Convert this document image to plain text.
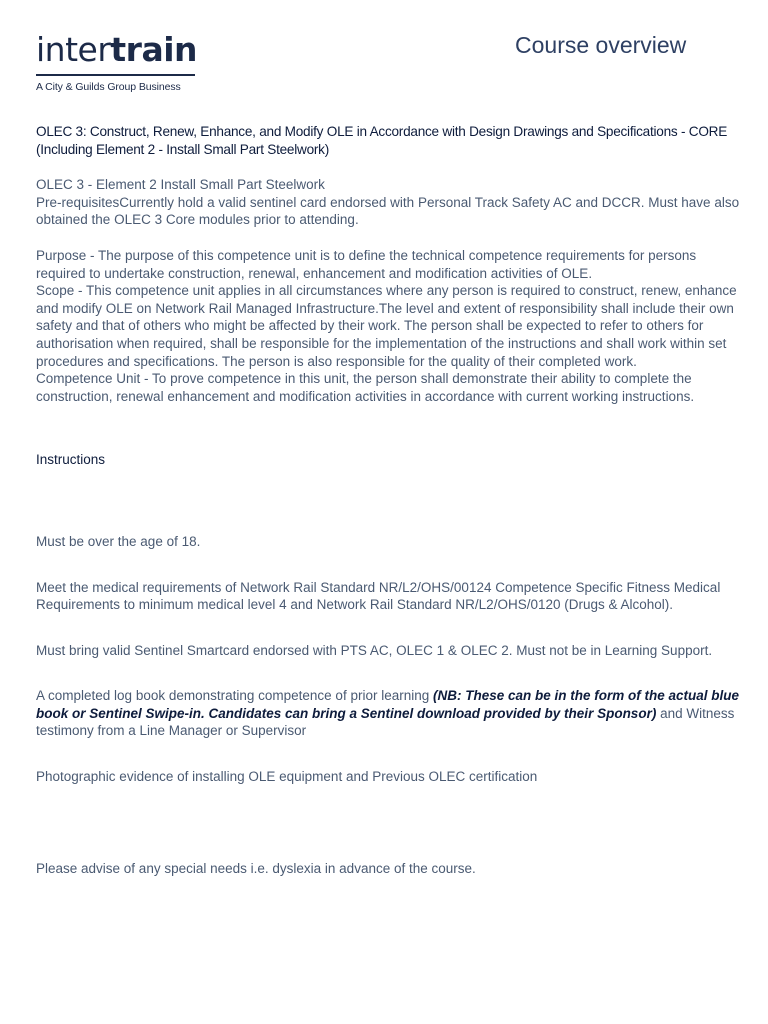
intertrain
A City & Guilds Group Business
Course overview

OLEC 3: Construct, Renew, Enhance, and Modify OLE in Accordance with Design Drawings and Specifications - CORE (Including Element 2 - Install Small Part Steelwork)

OLEC 3 - Element 2 Install Small Part Steelwork

Pre-requisitesCurrently hold a valid sentinel card endorsed with Personal Track Safety AC and DCCR. Must have also obtained the OLEC 3 Core modules prior to attending.

Purpose - The purpose of this competence unit is to define the technical competence requirements for persons required to undertake construction, renewal, enhancement and modification activities of OLE.

Scope - This competence unit applies in all circumstances where any person is required to construct, renew, enhance and modify OLE on Network Rail Managed Infrastructure.The level and extent of responsibility shall include their own safety and that of others who might be affected by their work. The person shall be expected to refer to others for authorisation when required, shall be responsible for the implementation of the instructions and shall work within set procedures and specifications. The person is also responsible for the quality of their completed work.

Competence Unit - To prove competence in this unit, the person shall demonstrate their ability to complete the construction, renewal enhancement and modification activities in accordance with current working instructions.

Instructions

Must be over the age of 18.

Meet the medical requirements of Network Rail Standard NR/L2/OHS/00124 Competence Specific Fitness Medical Requirements to minimum medical level 4 and Network Rail Standard NR/L2/OHS/0120 (Drugs & Alcohol).

Must bring valid Sentinel Smartcard endorsed with PTS AC, OLEC 1 & OLEC 2. Must not be in Learning Support.

A completed log book demonstrating competence of prior learning (NB: These can be in the form of the actual blue book or Sentinel Swipe-in. Candidates can bring a Sentinel download provided by their Sponsor) and Witness testimony from a Line Manager or Supervisor

Photographic evidence of installing OLE equipment and Previous OLEC certification

Please advise of any special needs i.e. dyslexia in advance of the course.
